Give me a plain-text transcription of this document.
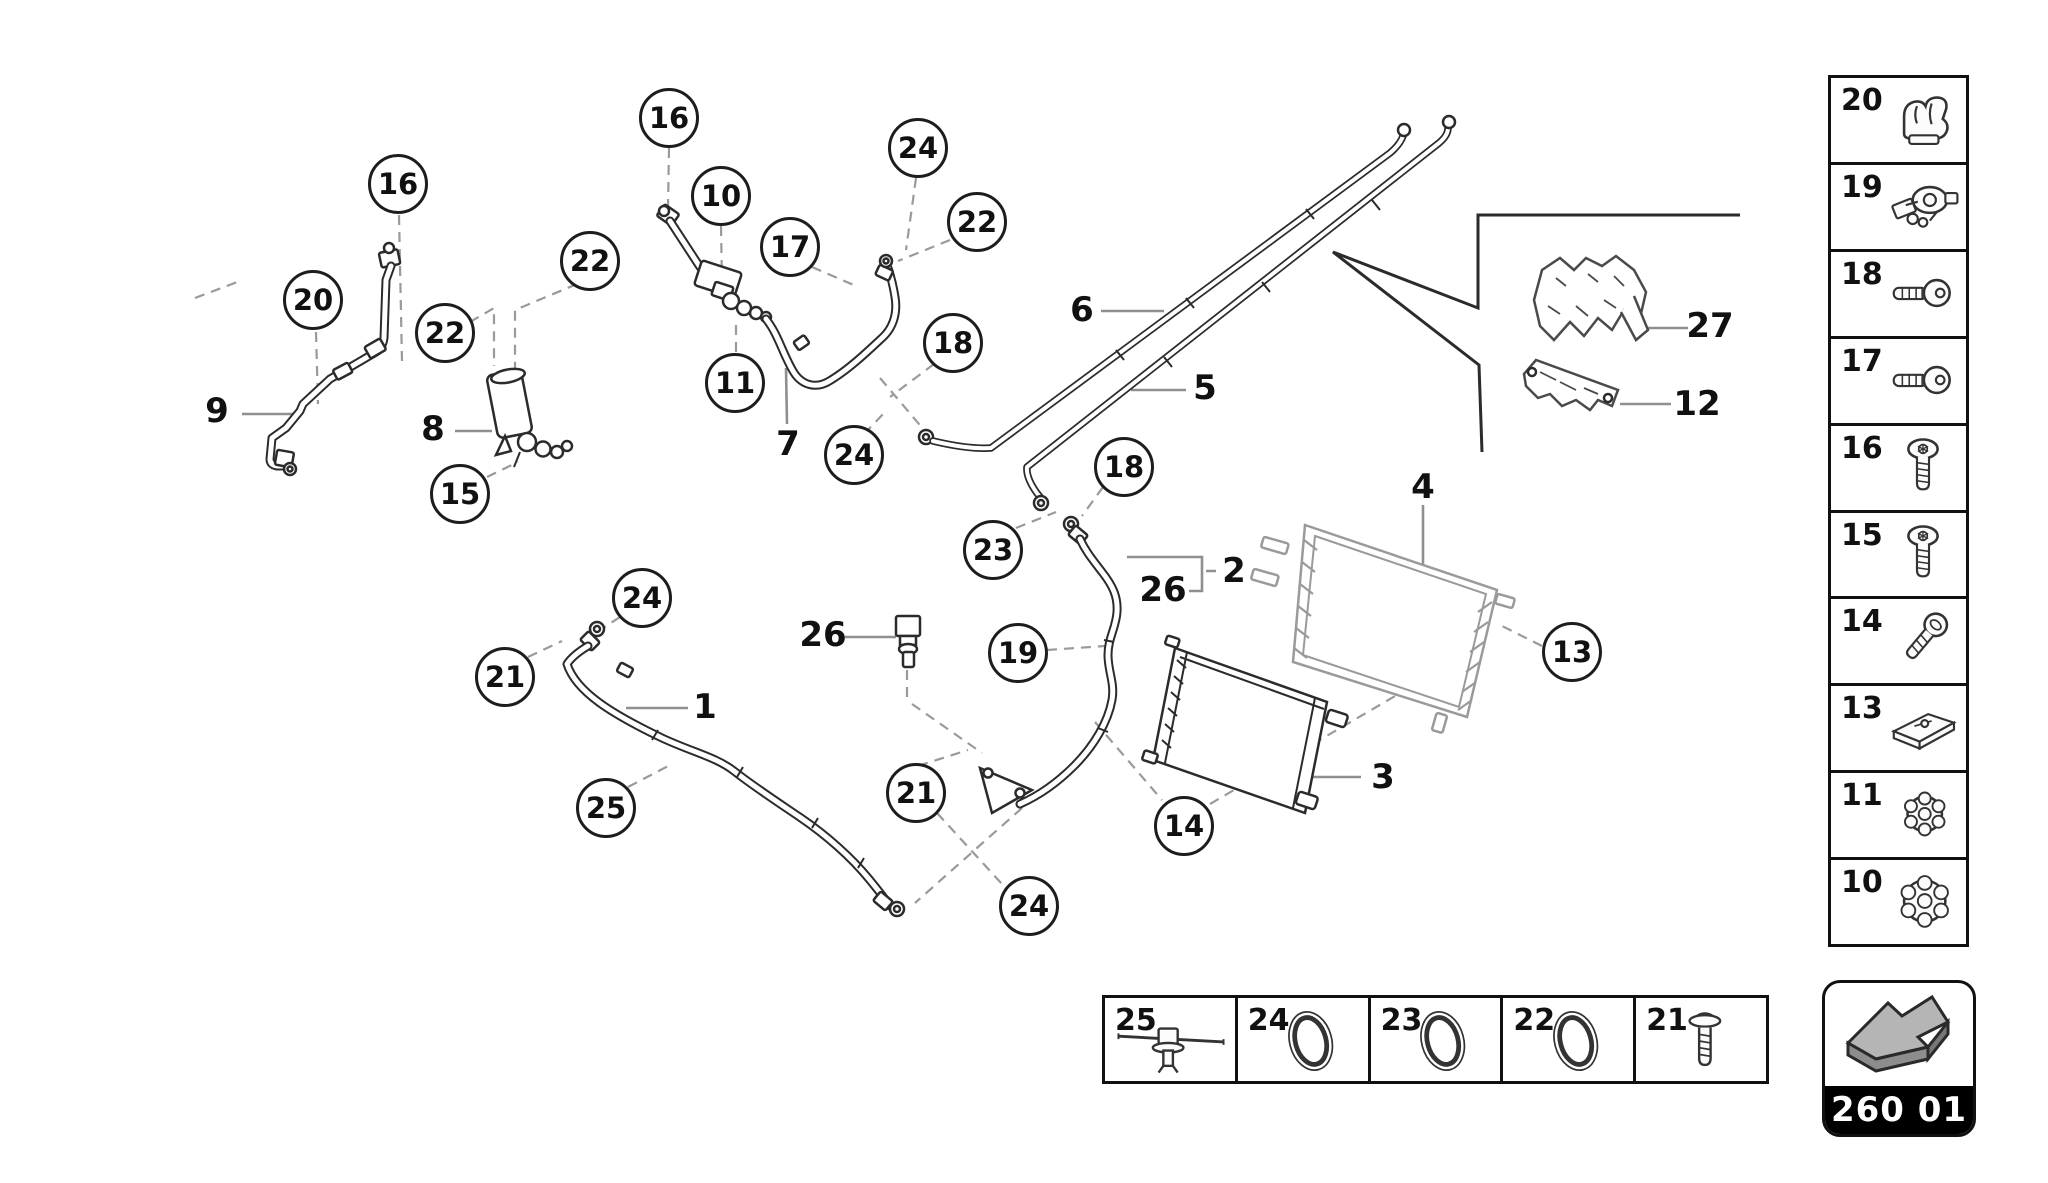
16
20
22
22
16
10
24
22
17
11
18
24
15
23
18
19	13
24
21
25	21
14
24
9	8	7
6
5
4
3
2
26
26
1
12
27
20
19
18
17
16
15
14
13
11
10
25	24	23	22	21
260 01
